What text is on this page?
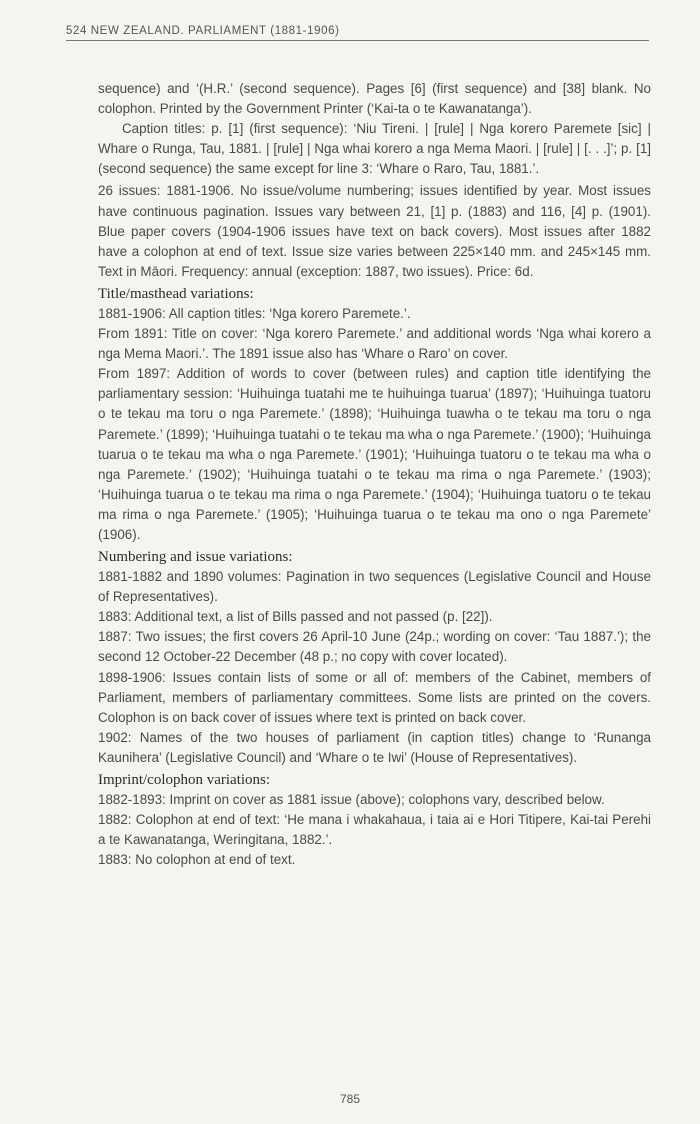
524 NEW ZEALAND. PARLIAMENT (1881-1906)

sequence) and ‘(H.R.’ (second sequence). Pages [6] (first sequence) and [38] blank. No colophon. Printed by the Government Printer (‘Kai-ta o te Kawanatanga’).

Caption titles: p. [1] (first sequence): ‘Niu Tireni. | [rule] | Nga korero Paremete [sic] | Whare o Runga, Tau, 1881. | [rule] | Nga whai korero a nga Mema Maori. | [rule] | [. . .]’; p. [1] (second sequence) the same except for line 3: ‘Whare o Raro, Tau, 1881.’.

26 issues: 1881-1906. No issue/volume numbering; issues identified by year. Most issues have continuous pagination. Issues vary between 21, [1] p. (1883) and 116, [4] p. (1901). Blue paper covers (1904-1906 issues have text on back covers). Most issues after 1882 have a colophon at end of text. Issue size varies between 225×140 mm. and 245×145 mm. Text in Māori. Frequency: annual (exception: 1887, two issues). Price: 6d.

Title/masthead variations:

1881-1906: All caption titles: ‘Nga korero Paremete.’.

From 1891: Title on cover: ‘Nga korero Paremete.’ and additional words ‘Nga whai korero a nga Mema Maori.’. The 1891 issue also has ‘Whare o Raro’ on cover.

From 1897: Addition of words to cover (between rules) and caption title identifying the parliamentary session: ‘Huihuinga tuatahi me te huihuinga tuarua’ (1897); ‘Huihuinga tuatoru o te tekau ma toru o nga Paremete.’ (1898); ‘Huihuinga tuawha o te tekau ma toru o nga Paremete.’ (1899); ‘Huihuinga tuatahi o te tekau ma wha o nga Paremete.’ (1900); ‘Huihuinga tuarua o te tekau ma wha o nga Paremete.’ (1901); ‘Huihuinga tuatoru o te tekau ma wha o nga Paremete.’ (1902); ‘Huihuinga tuatahi o te tekau ma rima o nga Paremete.’ (1903); ‘Huihuinga tuarua o te tekau ma rima o nga Paremete.’ (1904); ‘Huihuinga tuatoru o te tekau ma rima o nga Paremete.’ (1905); ‘Huihuinga tuarua o te tekau ma ono o nga Paremete’ (1906).

Numbering and issue variations:

1881-1882 and 1890 volumes: Pagination in two sequences (Legislative Council and House of Representatives).

1883: Additional text, a list of Bills passed and not passed (p. [22]).

1887: Two issues; the first covers 26 April-10 June (24p.; wording on cover: ‘Tau 1887.’); the second 12 October-22 December (48 p.; no copy with cover located).

1898-1906: Issues contain lists of some or all of: members of the Cabinet, members of Parliament, members of parliamentary committees. Some lists are printed on the covers. Colophon is on back cover of issues where text is printed on back cover.

1902: Names of the two houses of parliament (in caption titles) change to ‘Runanga Kaunihera’ (Legislative Council) and ‘Whare o te Iwi’ (House of Representatives).

Imprint/colophon variations:

1882-1893: Imprint on cover as 1881 issue (above); colophons vary, described below.

1882: Colophon at end of text: ‘He mana i whakahaua, i taia ai e Hori Titipere, Kai-tai Perehi a te Kawanatanga, Weringitana, 1882.’.

1883: No colophon at end of text.

785
